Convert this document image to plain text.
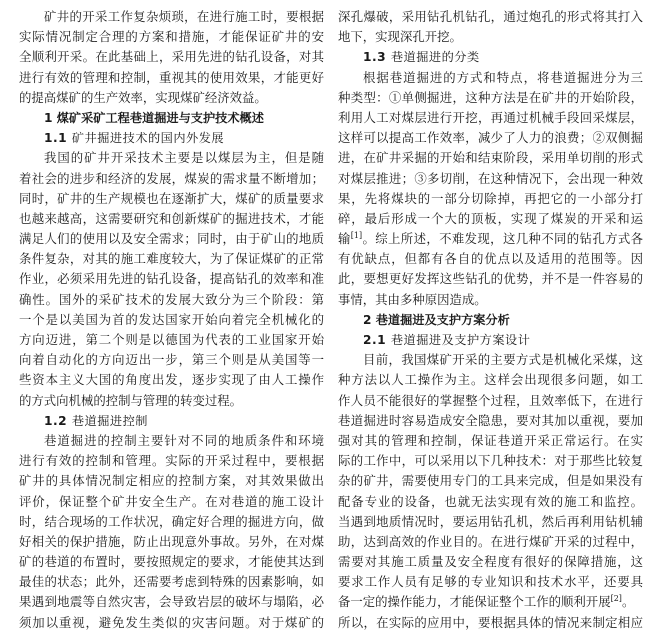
矿井的开采工作复杂烦琐，在进行施工时，要根据
实际情况制定合理的方案和措施，才能保证矿井的安
全顺利开采。在此基础上，采用先进的钻孔设备，对其
进行有效的管理和控制，重视其的使用效果，才能更好
的提高煤矿的生产效率，实现煤矿经济效益。
1 煤矿采矿工程巷道掘进与支护技术概述
1.1 矿井掘进技术的国内外发展
我国的矿井开采技术主要是以煤层为主，但是随
着社会的进步和经济的发展，煤炭的需求量不断增加；
同时，矿井的生产规模也在逐渐扩大，煤矿的质量要求
也越来越高，这需要研究和创新煤矿的掘进技术，才能
满足人们的使用以及安全需求；同时，由于矿山的地质
条件复杂，对其的施工难度较大，为了保证煤矿的正常
作业，必须采用先进的钻孔设备，提高钻孔的效率和准
确性。国外的采矿技术的发展大致分为三个阶段：第
一个是以美国为首的发达国家开始向着完全机械化的
方向迈进，第二个则是以德国为代表的工业国家开始
向着自动化的方向迈出一步，第三个则是从美国等一
些资本主义大国的角度出发，逐步实现了由人工操作
的方式向机械的控制与管理的转变过程。
1.2 巷道掘进控制
巷道掘进的控制主要针对不同的地质条件和环境
进行有效的控制和管理。实际的开采过程中，要根据
矿井的具体情况制定相应的控制方案，对其效果做出
评价，保证整个矿井安全生产。在对巷道的施工设计
时，结合现场的工作状况，确定好合理的掘进方向，做
好相关的保护措施，防止出现意外事故。另外，在对煤
矿的巷道的布置时，要按照规定的要求，才能使其达到
最佳的状态；此外，还需要考虑到特殊的因素影响，如
果遇到地震等自然灾害，会导致岩层的破坏与塌陷，必
须加以重视，避免发生类似的灾害问题。对于煤矿的
深孔爆破，采用钻孔机钻孔，通过炮孔的形式将其打入
地下，实现深孔开挖。
1.3 巷道掘进的分类
根据巷道掘进的方式和特点，将巷道掘进分为三
种类型：①单侧掘进，这种方法是在矿井的开始阶段，
利用人工对煤层进行开挖，再通过机械手段回采煤层，
这样可以提高工作效率，减少了人力的浪费；②双侧掘
进，在矿井采掘的开始和结束阶段，采用单切削的形式
对煤层推进；③多切削，在这种情况下，会出现一种效
果，先将煤块的一部分切除掉，再把它的一小部分打
碎，最后形成一个大的顶板，实现了煤炭的开采和运
输[1]。综上所述，不难发现，这几种不同的钻孔方式各
有优缺点，但都有各自的优点以及适用的范围等。因
此，要想更好发挥这些钻孔的优势，并不是一件容易的
事情，其由多种原因造成。
2 巷道掘进及支护方案分析
2.1 巷道掘进及支护方案设计
目前，我国煤矿开采的主要方式是机械化采煤，这
种方法以人工操作为主。这样会出现很多问题，如工
作人员不能很好的掌握整个过程，且效率低下，在进行
巷道掘进时容易造成安全隐患，要对其加以重视，要加
强对其的管理和控制，保证巷道开采正常运行。在实
际的工作中，可以采用以下几种技术：对于那些比较复
杂的矿井，需要使用专门的工具来完成，但是如果没有
配备专业的设备，也就无法实现有效的施工和监控。
当遇到地质情况时，要运用钻孔机，然后再利用钻机辅
助，达到高效的作业目的。在进行煤矿开采的过程中，
需要对其施工质量及安全程度有很好的保障措施，这
要求工作人员有足够的专业知识和技术水平，还要具
备一定的操作能力，才能保证整个工作的顺利开展[2]。
所以，在实际的应用中，要根据具体的情况来制定相应
